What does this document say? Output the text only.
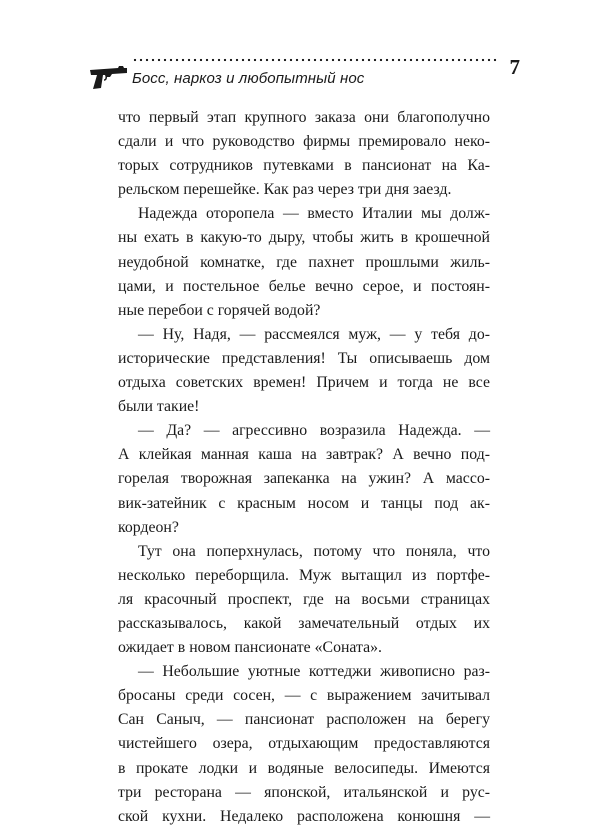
Босс, наркоз и любопытный нос	7
что первый этап крупного заказа они благополучно
сдали и что руководство фирмы премировало неко-
торых сотрудников путевками в пансионат на Ка-
рельском перешейке. Как раз через три дня заезд.
Надежда оторопела — вместо Италии мы долж-
ны ехать в какую-то дыру, чтобы жить в крошечной
неудобной комнатке, где пахнет прошлыми жиль-
цами, и постельное белье вечно серое, и постоян-
ные перебои с горячей водой?
— Ну, Надя, — рассмеялся муж, — у тебя до-
исторические представления! Ты описываешь дом
отдыха советских времен! Причем и тогда не все
были такие!
— Да? — агрессивно возразила Надежда. —
А клейкая манная каша на завтрак? А вечно под-
горелая творожная запеканка на ужин? А массо-
вик-затейник с красным носом и танцы под ак-
кордеон?
Тут она поперхнулась, потому что поняла, что
несколько переборщила. Муж вытащил из портфе-
ля красочный проспект, где на восьми страницах
рассказывалось, какой замечательный отдых их
ожидает в новом пансионате «Соната».
— Небольшие уютные коттеджи живописно раз-
бросаны среди сосен, — с выражением зачитывал
Сан Саныч, — пансионат расположен на берегу
чистейшего озера, отдыхающим предоставляются
в прокате лодки и водяные велосипеды. Имеются
три ресторана — японской, итальянской и рус-
ской кухни. Недалеко расположена конюшня —
